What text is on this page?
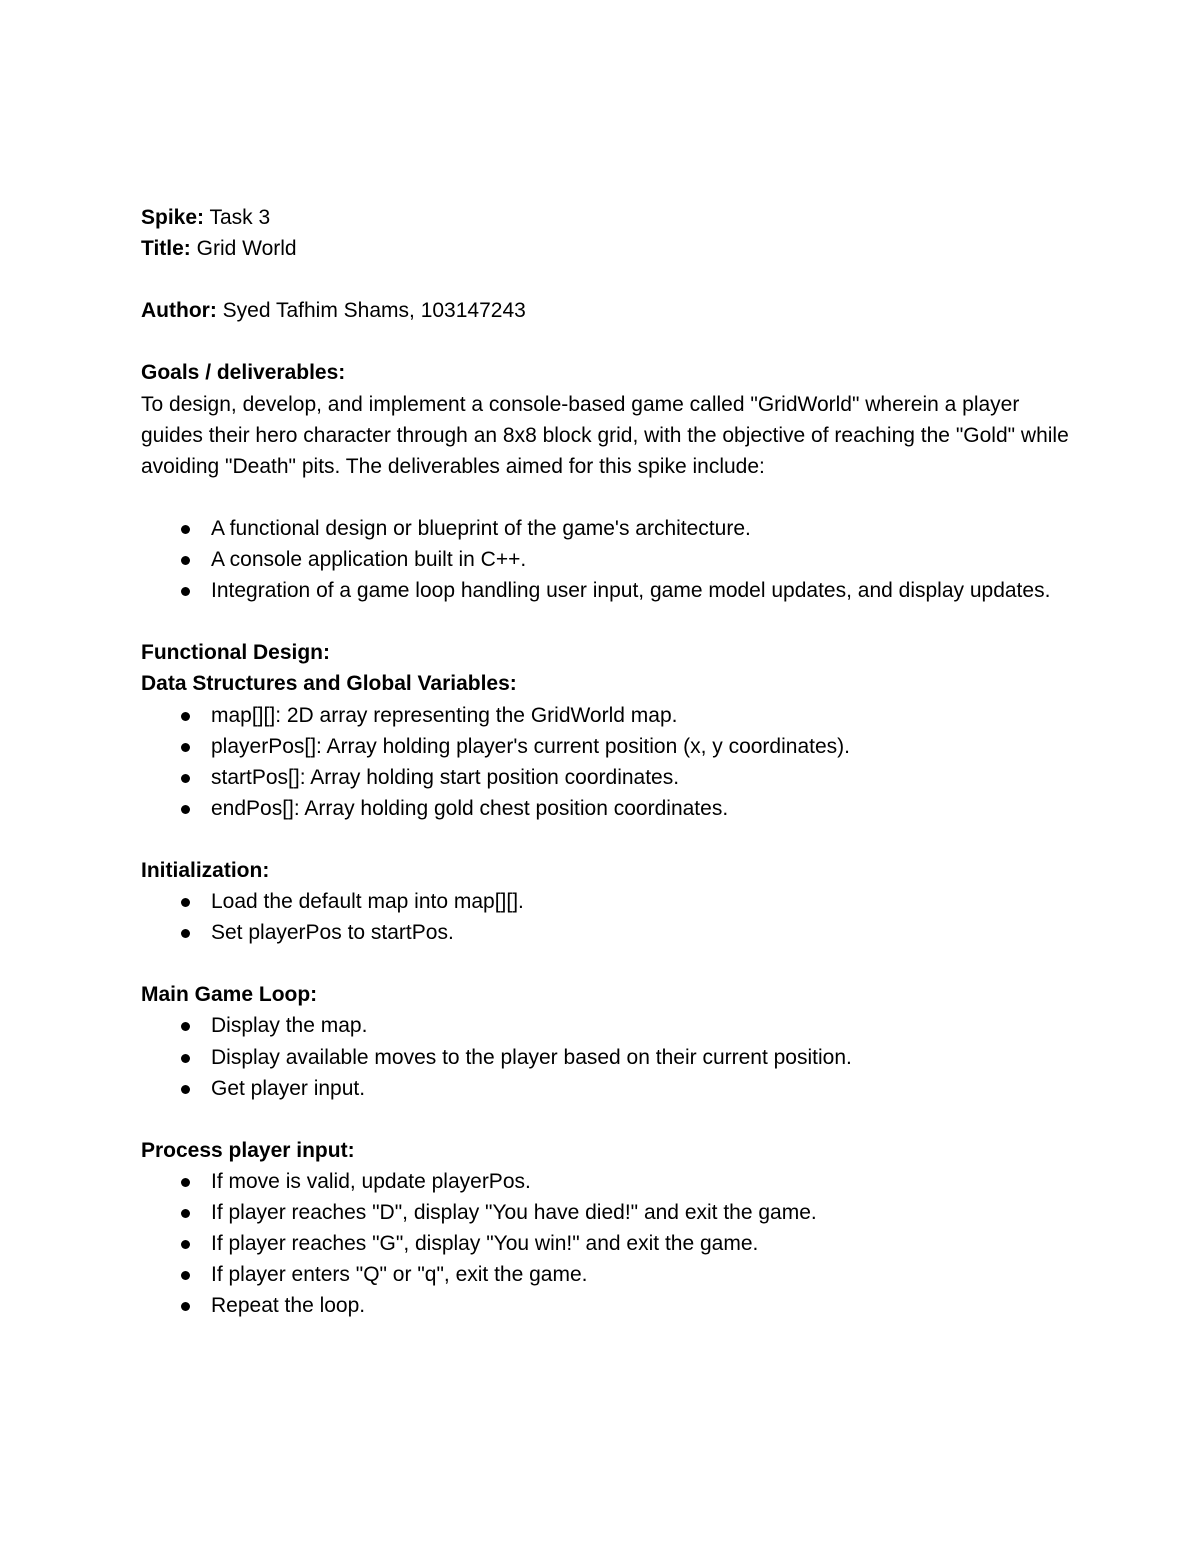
Spike: Task 3

Title: Grid World

Author: Syed Tafhim Shams, 103147243

Goals / deliverables:

To design, develop, and implement a console-based game called "GridWorld" wherein a player guides their hero character through an 8x8 block grid, with the objective of reaching the "Gold" while avoiding "Death" pits. The deliverables aimed for this spike include:

A functional design or blueprint of the game's architecture.
A console application built in C++.
Integration of a game loop handling user input, game model updates, and display updates.

Functional Design:

Data Structures and Global Variables:

map[][]: 2D array representing the GridWorld map.
playerPos[]: Array holding player's current position (x, y coordinates).
startPos[]: Array holding start position coordinates.
endPos[]: Array holding gold chest position coordinates.

Initialization:

Load the default map into map[][].
Set playerPos to startPos.

Main Game Loop:

Display the map.
Display available moves to the player based on their current position.
Get player input.

Process player input:

If move is valid, update playerPos.
If player reaches "D", display "You have died!" and exit the game.
If player reaches "G", display "You win!" and exit the game.
If player enters "Q" or "q", exit the game.
Repeat the loop.
